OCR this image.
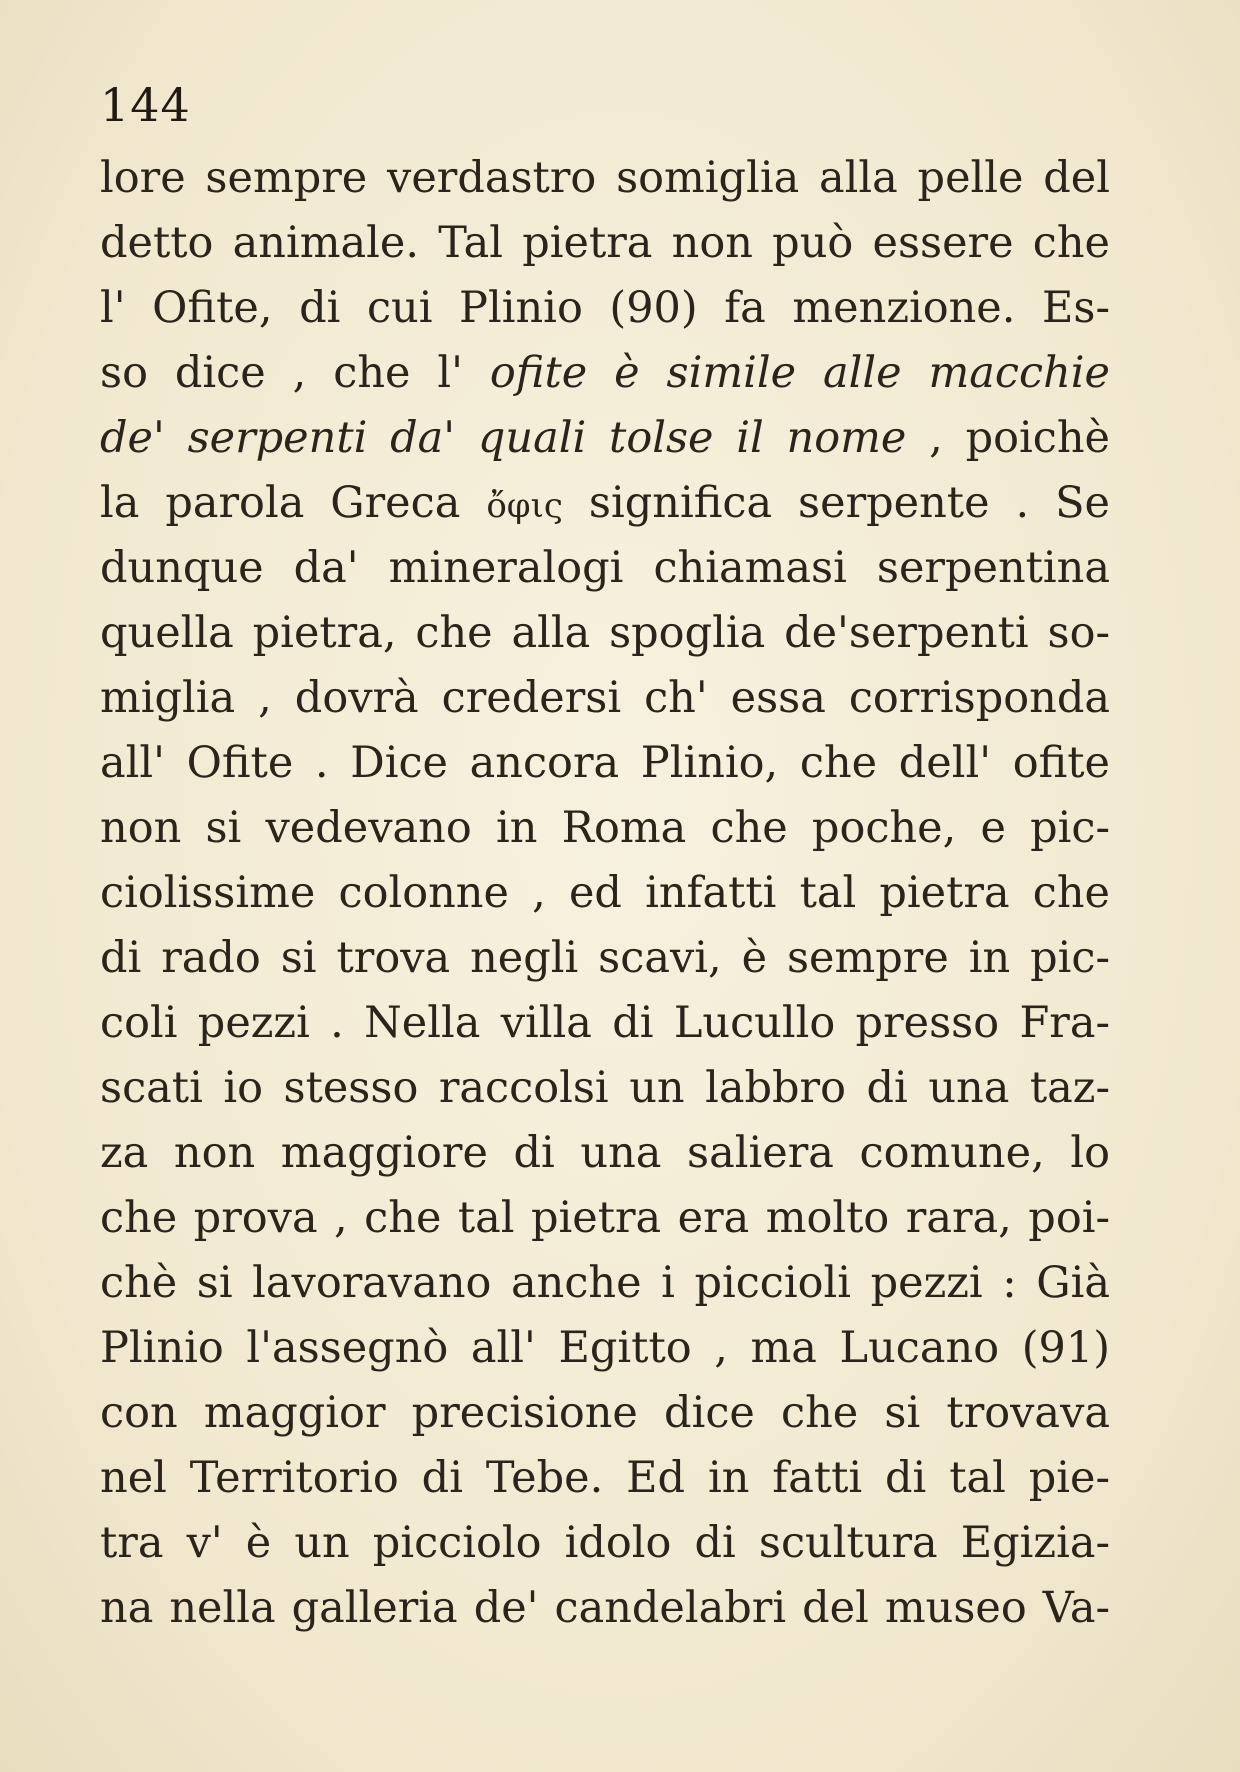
144
lore sempre verdastro somiglia alla pelle del
detto animale. Tal pietra non può essere che
l' Ofite, di cui Plinio (90) fa menzione. Es-
so dice , che l' ofite è simile alle macchie
de' serpenti da' quali tolse il nome , poichè
la parola Greca ὄφις significa serpente . Se
dunque da' mineralogi chiamasi serpentina
quella pietra, che alla spoglia de'serpenti so-
miglia , dovrà credersi ch' essa corrisponda
all' Ofite . Dice ancora Plinio, che dell' ofite
non si vedevano in Roma che poche, e pic-
ciolissime colonne , ed infatti tal pietra che
di rado si trova negli scavi, è sempre in pic-
coli pezzi . Nella villa di Lucullo presso Fra-
scati io stesso raccolsi un labbro di una taz-
za non maggiore di una saliera comune, lo
che prova , che tal pietra era molto rara, poi-
chè si lavoravano anche i piccioli pezzi : Già
Plinio l'assegnò all' Egitto , ma Lucano (91)
con maggior precisione dice che si trovava
nel Territorio di Tebe. Ed in fatti di tal pie-
tra v' è un picciolo idolo di scultura Egizia-
na nella galleria de' candelabri del museo Va-
